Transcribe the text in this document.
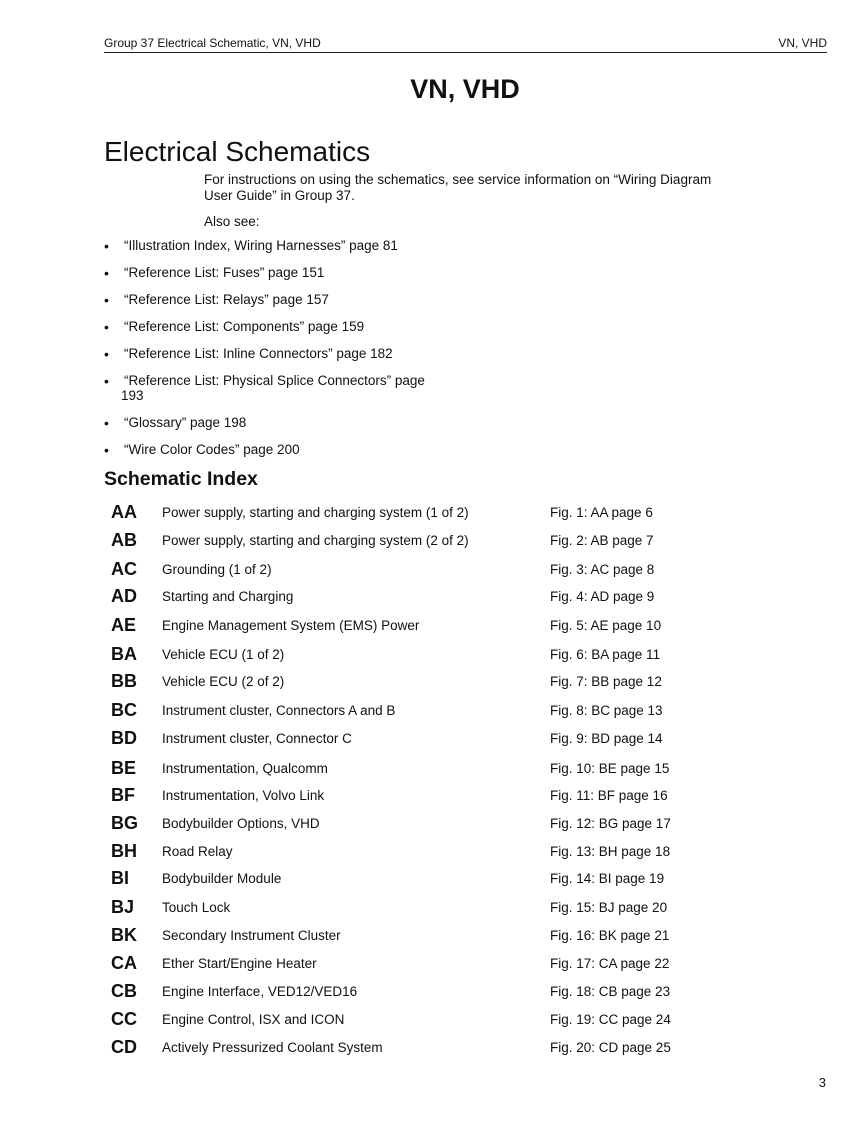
Group 37 Electrical Schematic, VN, VHD	VN, VHD
VN, VHD
Electrical Schematics
For instructions on using the schematics, see service information on “Wiring Diagram
User Guide” in Group 37.
Also see:
•	“Illustration Index, Wiring Harnesses” page 81
•	“Reference List: Fuses” page 151
•	“Reference List: Relays” page 157
•	“Reference List: Components” page 159
•	“Reference List: Inline Connectors” page 182
•	“Reference List: Physical Splice Connectors” page
193
•	“Glossary” page 198
•	“Wire Color Codes” page 200
Schematic Index
AA Power supply, starting and charging system (1 of 2)	Fig. 1: AA page 6
AB Power supply, starting and charging system (2 of 2)	Fig. 2: AB page 7
AC Grounding (1 of 2)	Fig. 3: AC page 8
AD Starting and Charging	Fig. 4: AD page 9
AE Engine Management System (EMS) Power	Fig. 5: AE page 10
BA Vehicle ECU (1 of 2)	Fig. 6: BA page 11
BB Vehicle ECU (2 of 2)	Fig. 7: BB page 12
BC Instrument cluster, Connectors A and B	Fig. 8: BC page 13
BD Instrument cluster, Connector C	Fig. 9: BD page 14
BE Instrumentation, Qualcomm	Fig. 10: BE page 15
BF Instrumentation, Volvo Link	Fig. 11: BF page 16
BG Bodybuilder Options, VHD	Fig. 12: BG page 17
BH Road Relay	Fig. 13: BH page 18
BI Bodybuilder Module	Fig. 14: BI page 19
BJ Touch Lock	Fig. 15: BJ page 20
BK Secondary Instrument Cluster	Fig. 16: BK page 21
CA Ether Start/Engine Heater	Fig. 17: CA page 22
CB Engine Interface, VED12/VED16	Fig. 18: CB page 23
CC Engine Control, ISX and ICON	Fig. 19: CC page 24
CD Actively Pressurized Coolant System	Fig. 20: CD page 25
3
